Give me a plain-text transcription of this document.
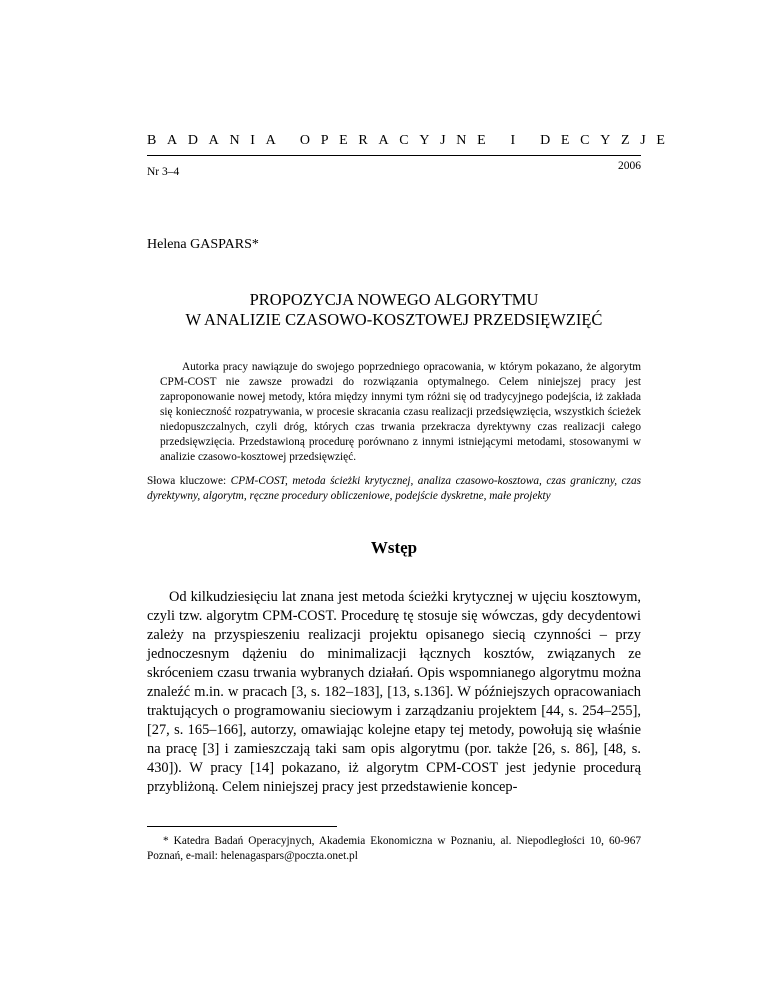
BADANIA OPERACYJNE I DECYZJE
Nr 3–4	2006
Helena GASPARS*
PROPOZYCJA NOWEGO ALGORYTMU
W ANALIZIE CZASOWO-KOSZTOWEJ PRZEDSIĘWZIĘĆ
Autorka pracy nawiązuje do swojego poprzedniego opracowania, w którym pokazano, że algorytm CPM-COST nie zawsze prowadzi do rozwiązania optymalnego. Celem niniejszej pracy jest zaproponowanie nowej metody, która między innymi tym różni się od tradycyjnego podejścia, iż zakłada się konieczność rozpatrywania, w procesie skracania czasu realizacji przedsięwzięcia, wszystkich ścieżek niedopuszczalnych, czyli dróg, których czas trwania przekracza dyrektywny czas realizacji całego przedsięwzięcia. Przedstawioną procedurę porównano z innymi istniejącymi metodami, stosowanymi w analizie czasowo-kosztowej przedsięwzięć.
Słowa kluczowe: CPM-COST, metoda ścieżki krytycznej, analiza czasowo-kosztowa, czas graniczny, czas dyrektywny, algorytm, ręczne procedury obliczeniowe, podejście dyskretne, małe projekty
Wstęp
Od kilkudziesięciu lat znana jest metoda ścieżki krytycznej w ujęciu kosztowym, czyli tzw. algorytm CPM-COST. Procedurę tę stosuje się wówczas, gdy decydentowi zależy na przyspieszeniu realizacji projektu opisanego siecią czynności – przy jednoczesnym dążeniu do minimalizacji łącznych kosztów, związanych ze skróceniem czasu trwania wybranych działań. Opis wspomnianego algorytmu można znaleźć m.in. w pracach [3, s. 182–183], [13, s.136]. W późniejszych opracowaniach traktujących o programowaniu sieciowym i zarządzaniu projektem [44, s. 254–255], [27, s. 165–166], autorzy, omawiając kolejne etapy tej metody, powołują się właśnie na pracę [3] i zamieszczają taki sam opis algorytmu (por. także [26, s. 86], [48, s. 430]). W pracy [14] pokazano, iż algorytm CPM-COST jest jedynie procedurą przybliżoną. Celem niniejszej pracy jest przedstawienie koncep-
* Katedra Badań Operacyjnych, Akademia Ekonomiczna w Poznaniu, al. Niepodległości 10, 60-967 Poznań, e-mail: helenagaspars@poczta.onet.pl
